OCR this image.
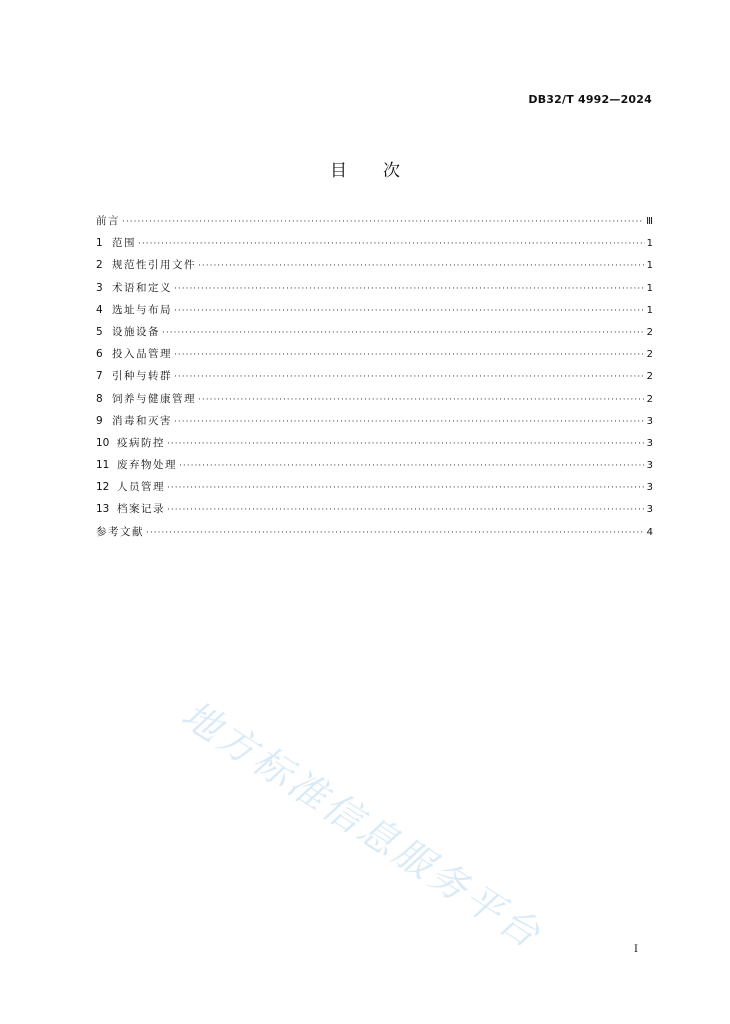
DB32/T 4992—2024
目次
前言 ·····	Ⅲ
1 范围 ·····	1
2 规范性引用文件 ·····	1
3 术语和定义 ·····	1
4 选址与布局 ·····	1
5 设施设备 ·····	2
6 投入品管理 ·····	2
7 引种与转群 ·····	2
8 饲养与健康管理 ·····	2
9 消毒和灭害 ·····	3
10 疫病防控 ·····	3
11 废弃物处理 ·····	3
12 人员管理 ·····	3
13 档案记录 ·····	3
参考文献 ·····	4
地方标准信息服务平台	I
